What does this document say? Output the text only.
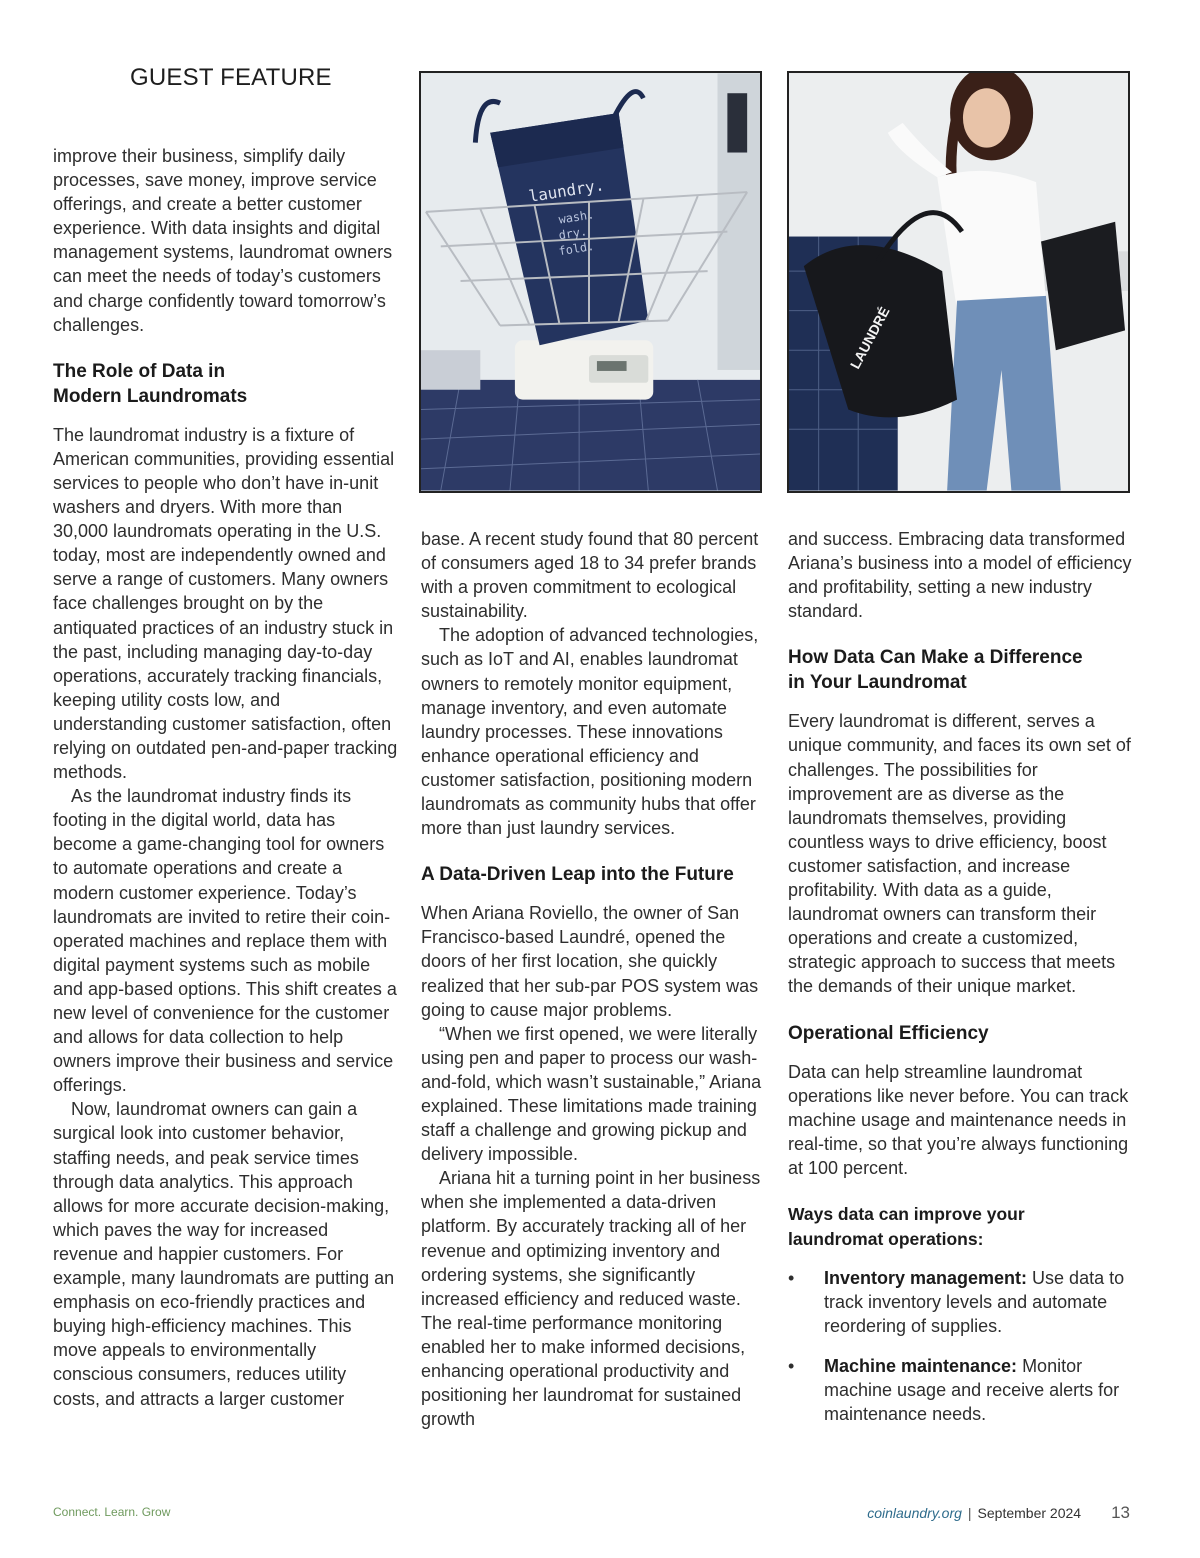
GUEST FEATURE
laundry.
wash.
dry.
fold.
LAUNDRÉ

improve their business, simplify daily processes, save money, improve service offerings, and create a better customer experience. With data insights and digital management systems, laundromat owners can meet the needs of today’s customers and charge confidently toward tomorrow’s challenges.

The Role of Data in
Modern Laundromats

The laundromat industry is a fixture of American communities, providing essential services to people who don’t have in-unit washers and dryers. With more than 30,000 laundromats operating in the U.S. today, most are independently owned and serve a range of customers. Many owners face challenges brought on by the antiquated practices of an industry stuck in the past, including managing day-to-day operations, accurately tracking financials, keeping utility costs low, and understanding customer satisfaction, often relying on outdated pen-and-paper tracking methods.

As the laundromat industry finds its footing in the digital world, data has become a game-changing tool for owners to automate operations and create a modern customer experience. Today’s laundromats are invited to retire their coin-operated machines and replace them with digital payment systems such as mobile and app-based options. This shift creates a new level of convenience for the customer and allows for data collection to help owners improve their business and service offerings.

Now, laundromat owners can gain a surgical look into customer behavior, staffing needs, and peak service times through data analytics. This approach allows for more accurate decision-making, which paves the way for increased revenue and happier customers. For example, many laundromats are putting an emphasis on eco-friendly practices and buying high-efficiency machines. This move appeals to environmentally conscious consumers, reduces utility costs, and attracts a larger customer

base. A recent study found that 80 percent of consumers aged 18 to 34 prefer brands with a proven commitment to ecological sustainability.

The adoption of advanced technologies, such as IoT and AI, enables laundromat owners to remotely monitor equipment, manage inventory, and even automate laundry processes. These innovations enhance operational efficiency and customer satisfaction, positioning modern laundromats as community hubs that offer more than just laundry services.

A Data-Driven Leap into the Future

When Ariana Roviello, the owner of San Francisco-based Laundré, opened the doors of her first location, she quickly realized that her sub-par POS system was going to cause major problems.

“When we first opened, we were literally using pen and paper to process our wash-and-fold, which wasn’t sustainable,” Ariana explained. These limitations made training staff a challenge and growing pickup and delivery impossible.

Ariana hit a turning point in her business when she implemented a data-driven platform. By accurately tracking all of her revenue and optimizing inventory and ordering systems, she significantly increased efficiency and reduced waste. The real-time performance monitoring enabled her to make informed decisions, enhancing operational productivity and positioning her laundromat for sustained growth

and success. Embracing data transformed Ariana’s business into a model of efficiency and profitability, setting a new industry standard.

How Data Can Make a Difference
in Your Laundromat

Every laundromat is different, serves a unique community, and faces its own set of challenges. The possibilities for improvement are as diverse as the laundromats themselves, providing countless ways to drive efficiency, boost customer satisfaction, and increase profitability. With data as a guide, laundromat owners can transform their operations and create a customized, strategic approach to success that meets the demands of their unique market.

Operational Efficiency

Data can help streamline laundromat operations like never before. You can track machine usage and maintenance needs in real-time, so that you’re always functioning at 100 percent.

Ways data can improve your
laundromat operations:
• Inventory management: Use data to track inventory levels and automate reordering of supplies.
• Machine maintenance: Monitor machine usage and receive alerts for maintenance needs.
Connect. Learn. Grow	coinlaundry.org | September 2024 13
